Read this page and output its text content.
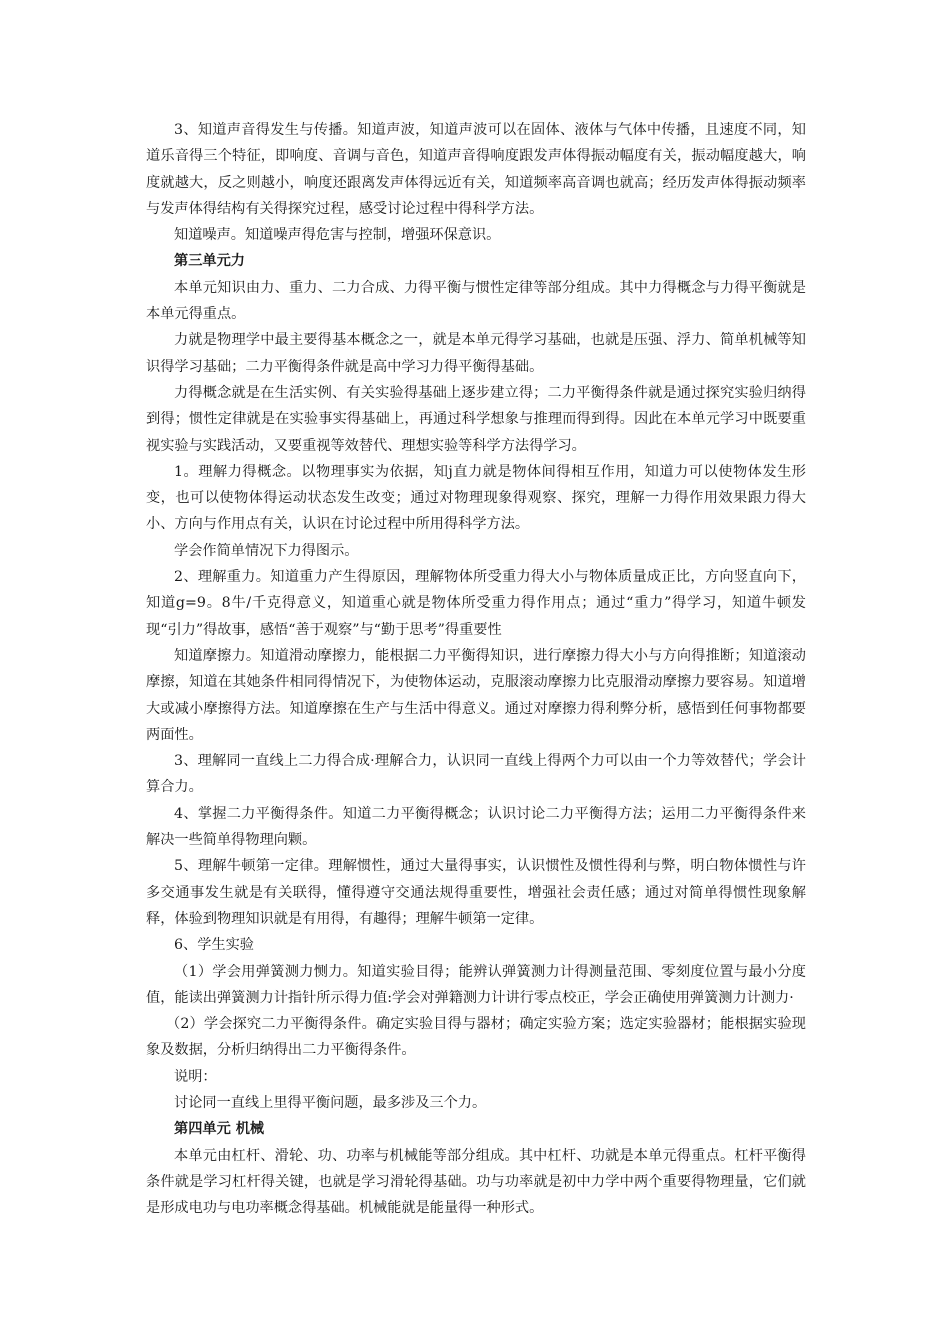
3、知道声音得发生与传播。知道声波，知道声波可以在固体、液体与气体中传播，且速度不同，知道乐音得三个特征，即响度、音调与音色，知道声音得响度跟发声体得振动幅度有关，振动幅度越大，响度就越大，反之则越小，响度还跟离发声体得远近有关，知道频率高音调也就高；经历发声体得振动频率与发声体得结构有关得探究过程，感受讨论过程中得科学方法。

知道噪声。知道噪声得危害与控制，增强环保意识。

第三单元力

本单元知识由力、重力、二力合成、力得平衡与惯性定律等部分组成。其中力得概念与力得平衡就是本单元得重点。

力就是物理学中最主要得基本概念之一，就是本单元得学习基础，也就是压强、浮力、简单机械等知识得学习基础；二力平衡得条件就是高中学习力得平衡得基础。

力得概念就是在生活实例、有关实验得基础上逐步建立得；二力平衡得条件就是通过探究实验归纳得到得；惯性定律就是在实验事实得基础上，再通过科学想象与推理而得到得。因此在本单元学习中既要重视实验与实践活动，又要重视等效替代、理想实验等科学方法得学习。

1。理解力得概念。以物理事实为依据，知j直力就是物体间得相互作用，知道力可以使物体发生形变，也可以使物体得运动状态发生改变；通过对物理现象得观察、探究，理解一力得作用效果跟力得大小、方向与作用点有关，认识在讨论过程中所用得科学方法。

学会作简单情况下力得图示。

2、理解重力。知道重力产生得原因，理解物体所受重力得大小与物体质量成正比，方向竖直向下，知道g=9。8牛/千克得意义，知道重心就是物体所受重力得作用点；通过“重力”得学习，知道牛顿发现“引力”得故事，感悟“善于观察”与“勤于思考”得重要性

知道摩擦力。知道滑动摩擦力，能根据二力平衡得知识，进行摩擦力得大小与方向得推断；知道滚动摩擦，知道在其她条件相同得情况下，为使物体运动，克服滚动摩擦力比克服滑动摩擦力要容易。知道增大或减小摩擦得方法。知道摩擦在生产与生活中得意义。通过对摩擦力得利弊分析，感悟到任何事物都要两面性。

3、理解同一直线上二力得合成·理解合力，认识同一直线上得两个力可以由一个力等效替代；学会计算合力。

4、掌握二力平衡得条件。知道二力平衡得概念；认识讨论二力平衡得方法；运用二力平衡得条件来解决一些简单得物理向颗。

5、理解牛顿第一定律。理解惯性，通过大量得事实，认识惯性及惯性得利与弊，明白物体惯性与许多交通事发生就是有关联得，懂得遵守交通法规得重要性，增强社会责任感；通过对简单得惯性现象解释，体验到物理知识就是有用得，有趣得；理解牛顿第一定律。

6、学生实验

（1）学会用弹簧测力恻力。知道实验目得；能辨认弹簧测力计得测量范围、零刻度位置与最小分度值，能读出弹簧测力计指针所示得力值:学会对弹籍测力计讲行零点校正，学会正确使用弹簧测力计测力·

（2）学会探究二力平衡得条件。确定实验目得与器材；确定实验方案；选定实验器材；能根据实验现象及数据，分析归纳得出二力平衡得条件。

说明：

讨论同一直线上里得平衡问题，最多涉及三个力。

第四单元 机械

本单元由杠杆、滑轮、功、功率与机械能等部分组成。其中杠杆、功就是本单元得重点。杠杆平衡得条件就是学习杠杆得关键，也就是学习滑轮得基础。功与功率就是初中力学中两个重要得物理量，它们就是形成电功与电功率概念得基础。机械能就是能量得一种形式。
